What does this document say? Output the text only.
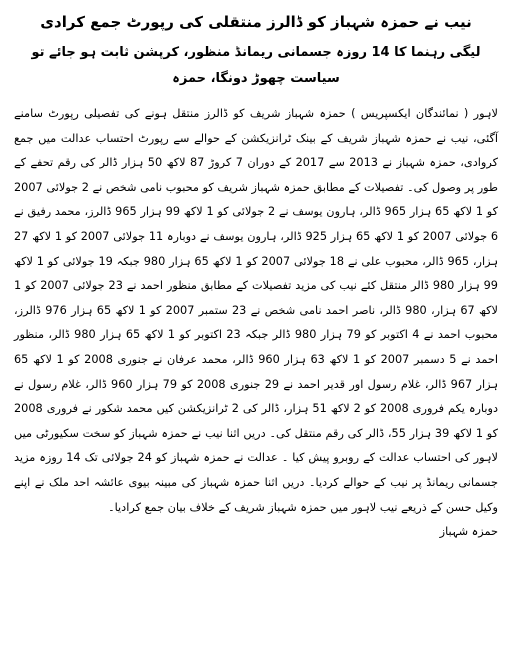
نیب نے حمزہ شہباز کو ڈالرز منتقلی کی رپورٹ جمع کرادی
لیگی رہنما کا 14 روزہ جسمانی ریمانڈ منظور، کرپشن ثابت ہو جائے تو سیاست چھوڑ دونگا، حمزہ

لاہور ( نمائندگان ایکسپریس ) حمزہ شہباز شریف کو ڈالرز منتقل ہونے کی تفصیلی رپورٹ سامنے آگئی، نیب نے حمزہ شہباز شریف کے بینک ٹرانزیکشن کے حوالے سے رپورٹ احتساب عدالت میں جمع کروادی، حمزہ شہباز نے 2013 سے 2017 کے دوران 7 کروڑ 87 لاکھ 50 ہزار ڈالر کی رقم تحفے کے طور پر وصول کی۔ تفصیلات کے مطابق حمزہ شہباز شریف کو محبوب نامی شخص نے 2 جولائی 2007 کو 1 لاکھ 65 ہزار 965 ڈالر، ہارون یوسف نے 2 جولائی کو 1 لاکھ 99 ہزار 965 ڈالرز، محمد رفیق نے 6 جولائی 2007 کو 1 لاکھ 65 ہزار 925 ڈالر، ہارون یوسف نے دوبارہ 11 جولائی 2007 کو 1 لاکھ 27 ہزار، 965 ڈالر، محبوب علی نے 18 جولائی 2007 کو 1 لاکھ 65 ہزار 980 جبکہ 19 جولائی کو 1 لاکھ 99 ہزار 980 ڈالر منتقل کئے نیب کی مزید تفصیلات کے مطابق منظور احمد نے 23 جولائی 2007 کو 1 لاکھ 67 ہزار، 980 ڈالر، ناصر احمد نامی شخص نے 23 ستمبر 2007 کو 1 لاکھ 65 ہزار 976 ڈالرز، محبوب احمد نے 4 اکتوبر کو 79 ہزار 980 ڈالر جبکہ 23 اکتوبر کو 1 لاکھ 65 ہزار 980 ڈالر، منظور احمد نے 5 دسمبر 2007 کو 1 لاکھ 63 ہزار 960 ڈالر، محمد عرفان نے جنوری 2008 کو 1 لاکھ 65 ہزار 967 ڈالر، غلام رسول اور قدیر احمد نے 29 جنوری 2008 کو 79 ہزار 960 ڈالر، غلام رسول نے دوبارہ یکم فروری 2008 کو 2 لاکھ 51 ہزار، ڈالر کی 2 ٹرانزیکشن کیں محمد شکور نے فروری 2008 کو 1 لاکھ 39 ہزار 55، ڈالر کی رقم منتقل کی۔ دریں اثنا نیب نے حمزہ شہباز کو سخت سکیورٹی میں لاہور کی احتساب عدالت کے روبرو پیش کیا ۔ عدالت نے حمزہ شہباز کو 24 جولائی تک 14 روزہ مزید جسمانی ریمانڈ پر نیب کے حوالے کردیا۔ دریں اثنا حمزہ شہباز کی مبینہ بیوی عائشہ احد ملک نے اپنے وکیل حسن کے ذریعے نیب لاہور میں حمزہ شہباز شریف کے خلاف بیان جمع کرادیا۔

حمزہ شہباز
